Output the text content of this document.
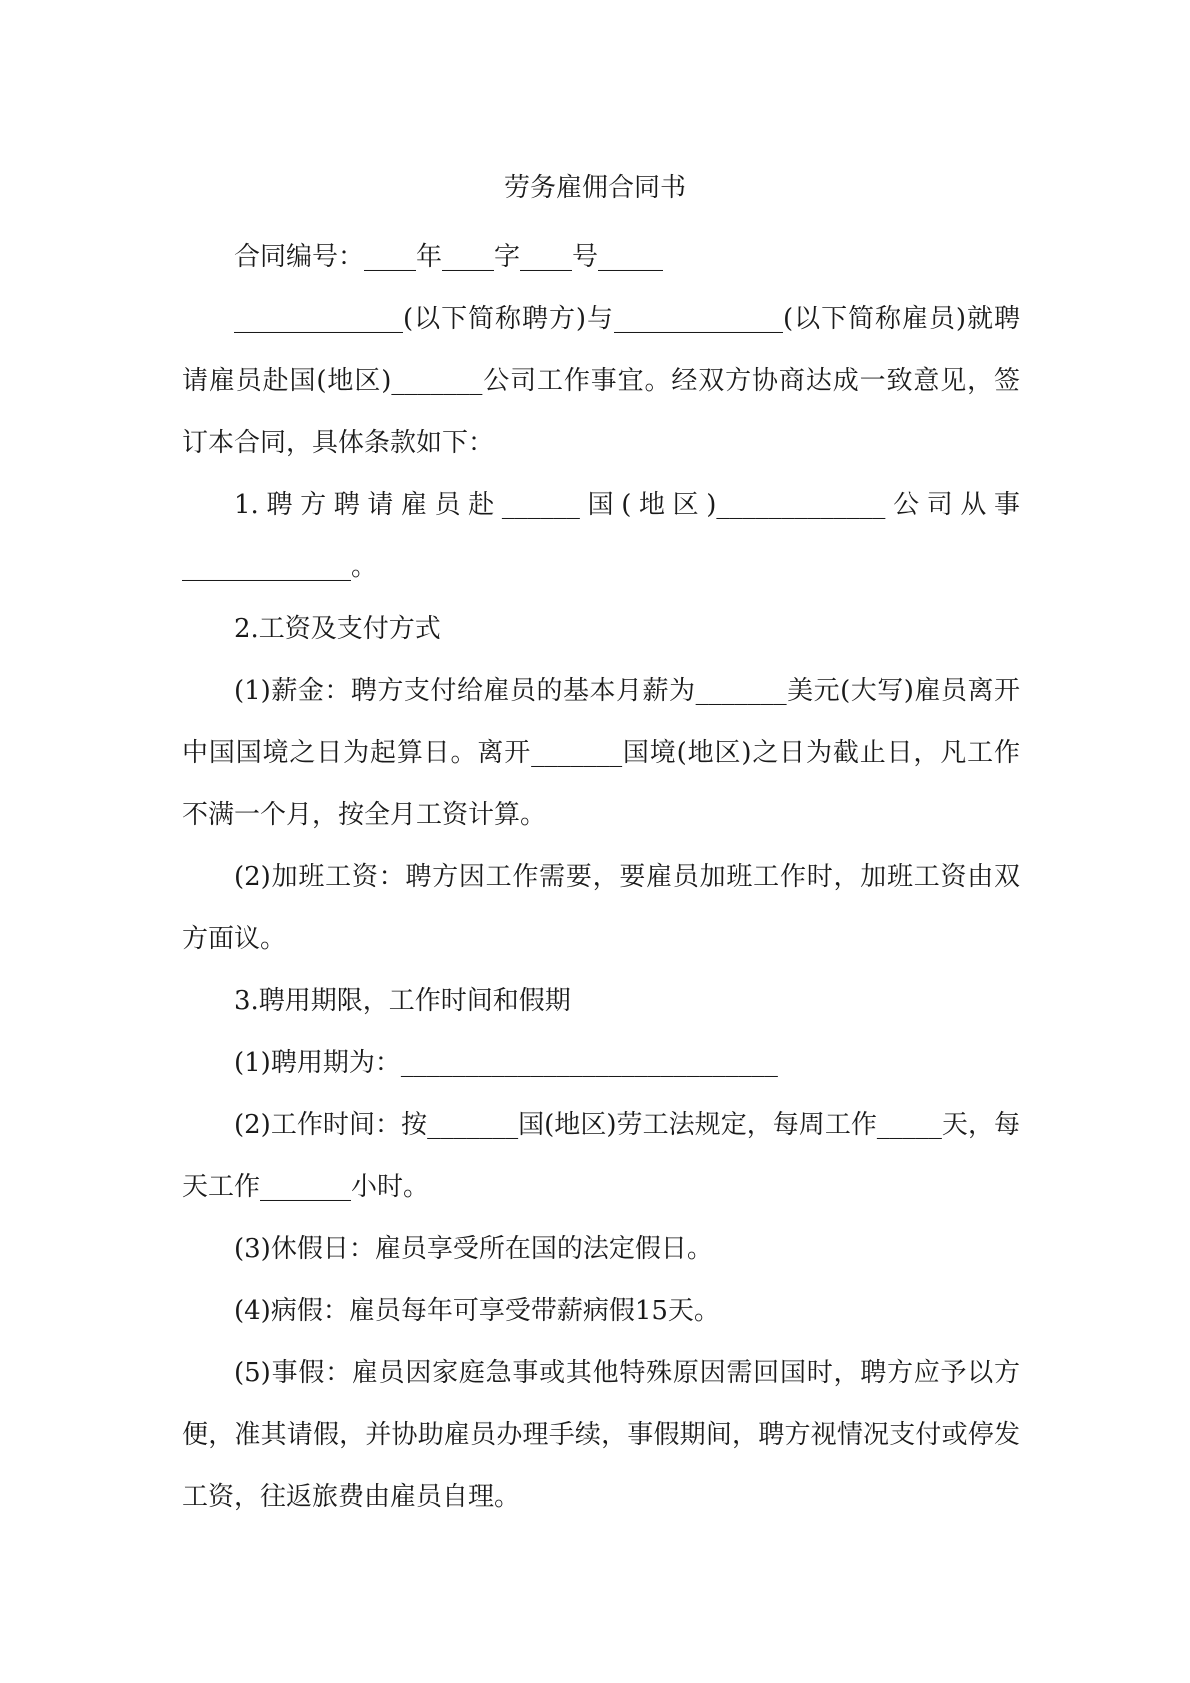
劳务雇佣合同书

合同编号：____年____字____号_____

_____________(以下简称聘方)与_____________(以下简称雇员)就聘请雇员赴国(地区)_______公司工作事宜。经双方协商达成一致意见，签订本合同，具体条款如下：

1.聘方聘请雇员赴______国(地区)_____________公司从事_____________。

2.工资及支付方式

(1)薪金：聘方支付给雇员的基本月薪为_______美元(大写)雇员离开中国国境之日为起算日。离开_______国境(地区)之日为截止日，凡工作不满一个月，按全月工资计算。

(2)加班工资：聘方因工作需要，要雇员加班工作时，加班工资由双方面议。

3.聘用期限，工作时间和假期

(1)聘用期为：_____________________________

(2)工作时间：按_______国(地区)劳工法规定，每周工作_____天，每天工作_______小时。

(3)休假日：雇员享受所在国的法定假日。

(4)病假：雇员每年可享受带薪病假15天。

(5)事假：雇员因家庭急事或其他特殊原因需回国时，聘方应予以方便，准其请假，并协助雇员办理手续，事假期间，聘方视情况支付或停发工资，往返旅费由雇员自理。
